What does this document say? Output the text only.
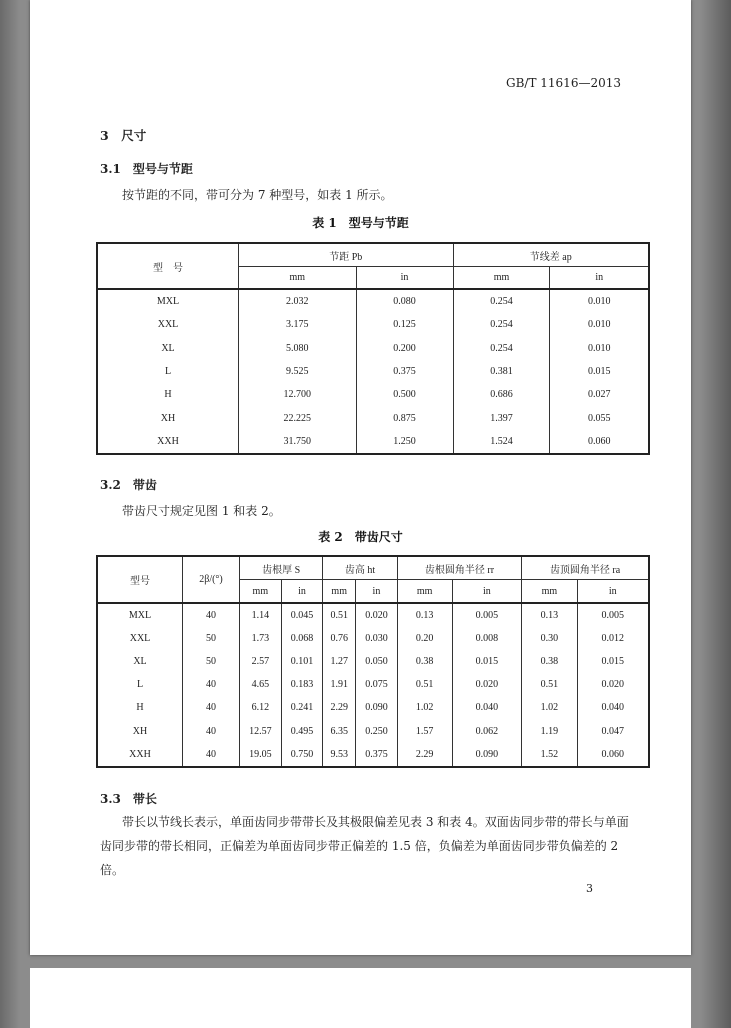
GB/T 11616—2013
3　尺寸
3.1　型号与节距
按节距的不同，带可分为 7 种型号，如表 1 所示。
表 1　型号与节距
型　号	节距 Pb		节线差 ap	
	mm	in	mm	in
MXL	2.032	0.080	0.254	0.010
XXL	3.175	0.125	0.254	0.010
XL	5.080	0.200	0.254	0.010
L	9.525	0.375	0.381	0.015
H	12.700	0.500	0.686	0.027
XH	22.225	0.875	1.397	0.055
XXH	31.750	1.250	1.524	0.060
3.2　带齿
带齿尺寸规定见图 1 和表 2。
表 2　带齿尺寸
型号	2β/(°)	齿根厚 S		齿高 ht		齿根圆角半径 rr		齿顶圆角半径 ra	
		mm	in	mm	in	mm	in	mm	in
MXL	40	1.14	0.045	0.51	0.020	0.13	0.005	0.13	0.005
XXL	50	1.73	0.068	0.76	0.030	0.20	0.008	0.30	0.012
XL	50	2.57	0.101	1.27	0.050	0.38	0.015	0.38	0.015
L	40	4.65	0.183	1.91	0.075	0.51	0.020	0.51	0.020
H	40	6.12	0.241	2.29	0.090	1.02	0.040	1.02	0.040
XH	40	12.57	0.495	6.35	0.250	1.57	0.062	1.19	0.047
XXH	40	19.05	0.750	9.53	0.375	2.29	0.090	1.52	0.060
3.3　带长
带长以节线长表示，单面齿同步带带长及其极限偏差见表 3 和表 4。双面齿同步带的带长与单面齿同步带的带长相同，正偏差为单面齿同步带正偏差的 1.5 倍，负偏差为单面齿同步带负偏差的 2 倍。
3
